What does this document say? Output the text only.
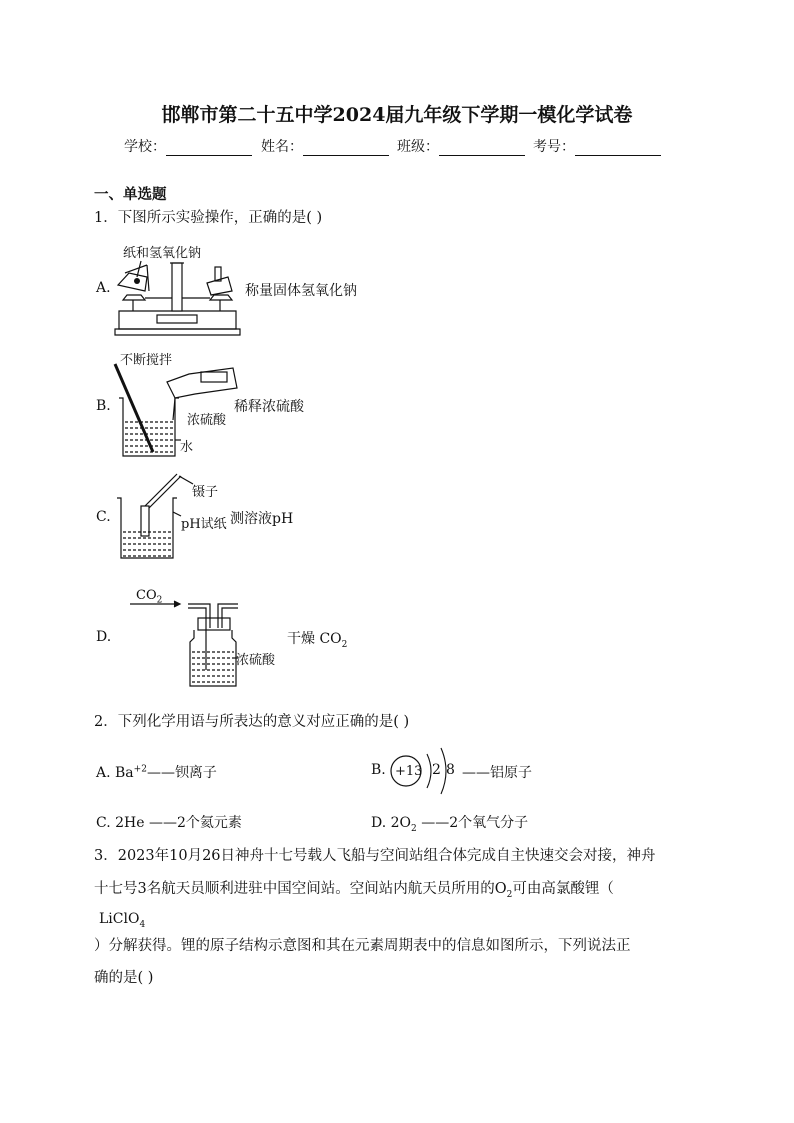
邯郸市第二十五中学2024届九年级下学期一模化学试卷
学校：	姓名：	班级：	考号：
一、单选题
1．下图所示实验操作，正确的是( )
A.
纸和氢氧化钠
称量固体氢氧化钠
B.
不断搅拌
浓硫酸
水
稀释浓硫酸
C.
镊子
pH试纸 测溶液pH
D.
$CO_2$
浓硫酸
干燥 $CO_2$
2．下列化学用语与所表达的意义对应正确的是( )
A. $Ba^{+2}——$钡离子	B. +13 2 8 ——铝原子
C. 2He ——2个氦元素	D. $2O_2$ ——2个氧气分子
3．2023年10月26日神舟十七号载人飞船与空间站组合体完成自主快速交会对接，神舟
十七号3名航天员顺利进驻中国空间站。空间站内航天员所用的$O_2$可由高氯酸锂（
LiClO$_4$
）分解获得。锂的原子结构示意图和其在元素周期表中的信息如图所示，下列说法正
确的是( )
